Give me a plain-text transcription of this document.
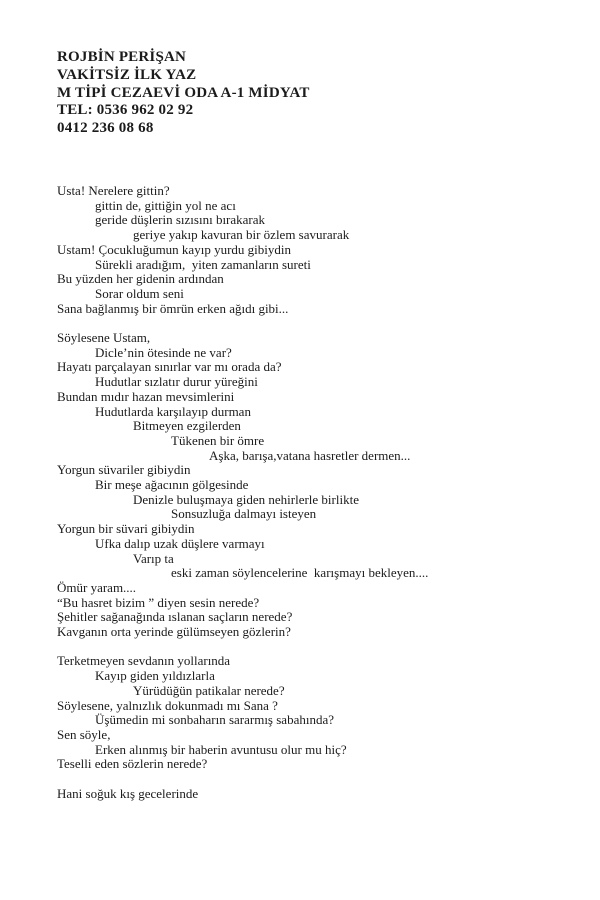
ROJBİN PERİŞAN
VAKİTSİZ İLK YAZ
M TİPİ CEZAEVİ ODA A-1 MİDYAT
TEL: 0536 962 02 92
0412 236 08 68
Usta! Nerelere gittin?
gittin de, gittiğin yol ne acı
geride düşlerin sızısını bırakarak
geriye yakıp kavuran bir özlem savurarak
Ustam! Çocukluğumun kayıp yurdu gibiydin
Sürekli aradığım,  yiten zamanların sureti
Bu yüzden her gidenin ardından
Sorar oldum seni
Sana bağlanmış bir ömrün erken ağıdı gibi...
Söylesene Ustam,
Dicle’nin ötesinde ne var?
Hayatı parçalayan sınırlar var mı orada da?
Hudutlar sızlatır durur yüreğini
Bundan mıdır hazan mevsimlerini
Hudutlarda karşılayıp durman
Bitmeyen ezgilerden
Tükenen bir ömre
Aşka, barışa,vatana hasretler dermen...
Yorgun süvariler gibiydin
Bir meşe ağacının gölgesinde
Denizle buluşmaya giden nehirlerle birlikte
Sonsuzluğa dalmayı isteyen
Yorgun bir süvari gibiydin
Ufka dalıp uzak düşlere varmayı
Varıp ta
eski zaman söylencelerine  karışmayı bekleyen....
Ömür yaram....
“Bu hasret bizim ” diyen sesin nerede?
Şehitler sağanağında ıslanan saçların nerede?
Kavganın orta yerinde gülümseyen gözlerin?
Terketmeyen sevdanın yollarında
Kayıp giden yıldızlarla
Yürüdüğün patikalar nerede?
Söylesene, yalnızlık dokunmadı mı Sana ?
Üşümedin mi sonbaharın sararmış sabahında?
Sen söyle,
Erken alınmış bir haberin avuntusu olur mu hiç?
Teselli eden sözlerin nerede?
Hani soğuk kış gecelerinde
